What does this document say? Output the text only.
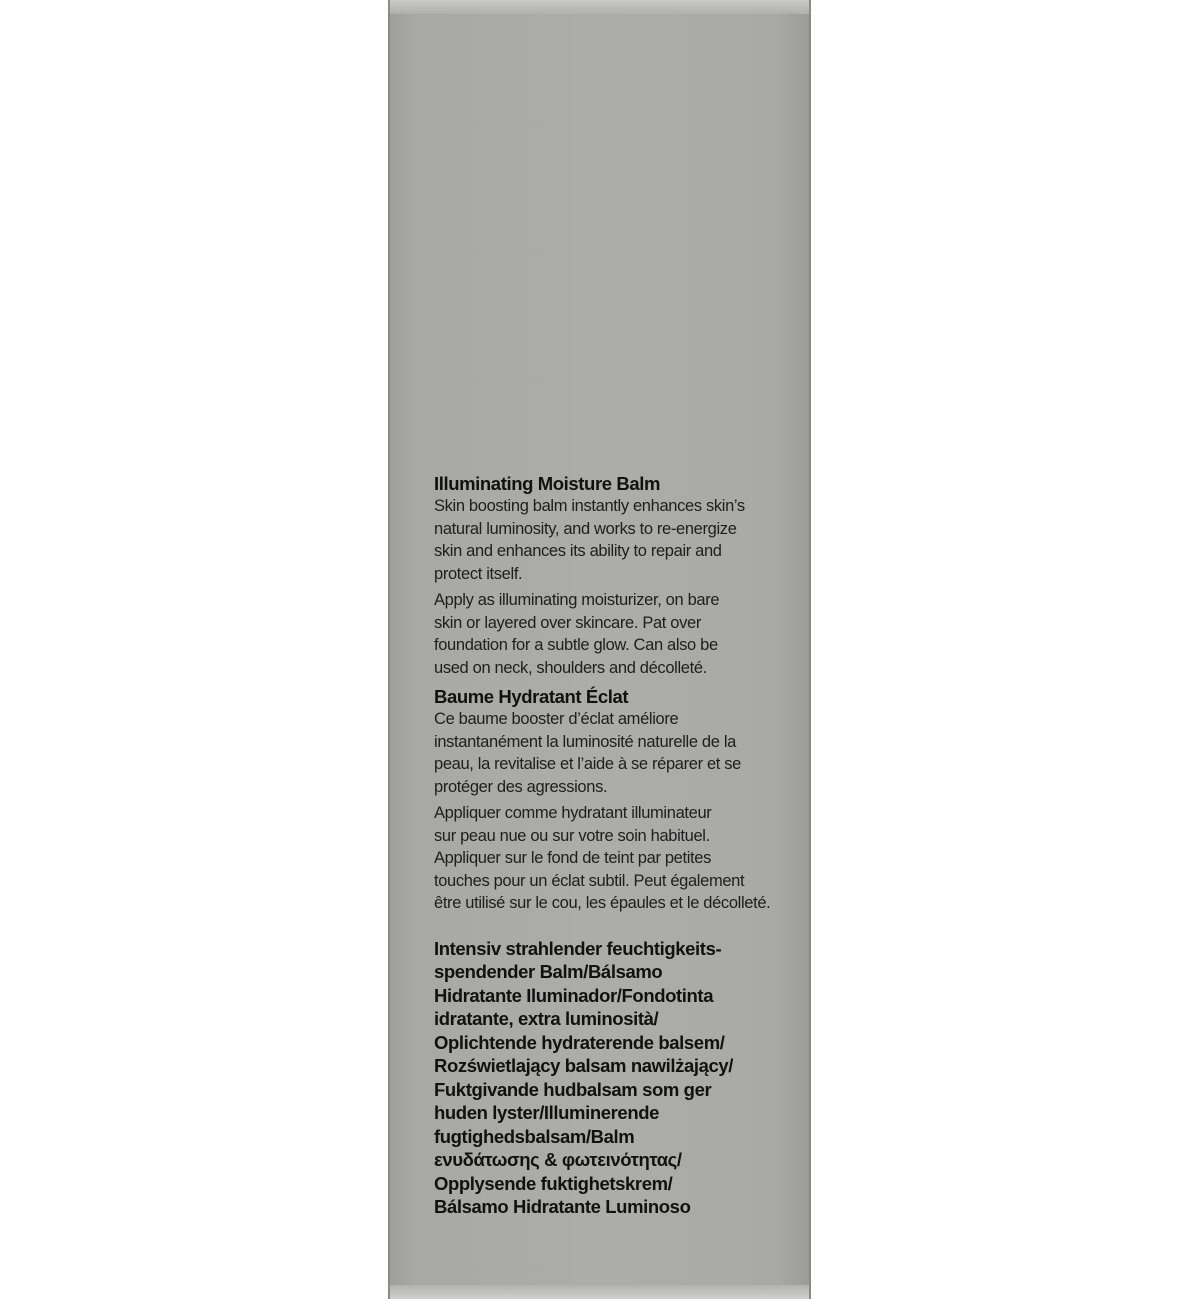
Illuminating Moisture Balm

Skin boosting balm instantly enhances skin’s
natural luminosity, and works to re-energize
skin and enhances its ability to repair and
protect itself.

Apply as illuminating moisturizer, on bare
skin or layered over skincare. Pat over
foundation for a subtle glow. Can also be
used on neck, shoulders and décolleté.

Baume Hydratant Éclat

Ce baume booster d’éclat améliore
instantanément la luminosité naturelle de la
peau, la revitalise et l’aide à se réparer et se
protéger des agressions.

Appliquer comme hydratant illuminateur
sur peau nue ou sur votre soin habituel.
Appliquer sur le fond de teint par petites
touches pour un éclat subtil. Peut également
être utilisé sur le cou, les épaules et le décolleté.

Intensiv strahlender feuchtigkeits-
spendender Balm/Bálsamo
Hidratante Iluminador/Fondotinta
idratante, extra luminosità/
Oplichtende hydraterende balsem/
Rozświetlający balsam nawilżający/
Fuktgivande hudbalsam som ger
huden lyster/Illuminerende
fugtighedsbalsam/Balm
ενυδάτωσης & φωτεινότητας/
Opplysende fuktighetskrem/
Bálsamo Hidratante Luminoso
